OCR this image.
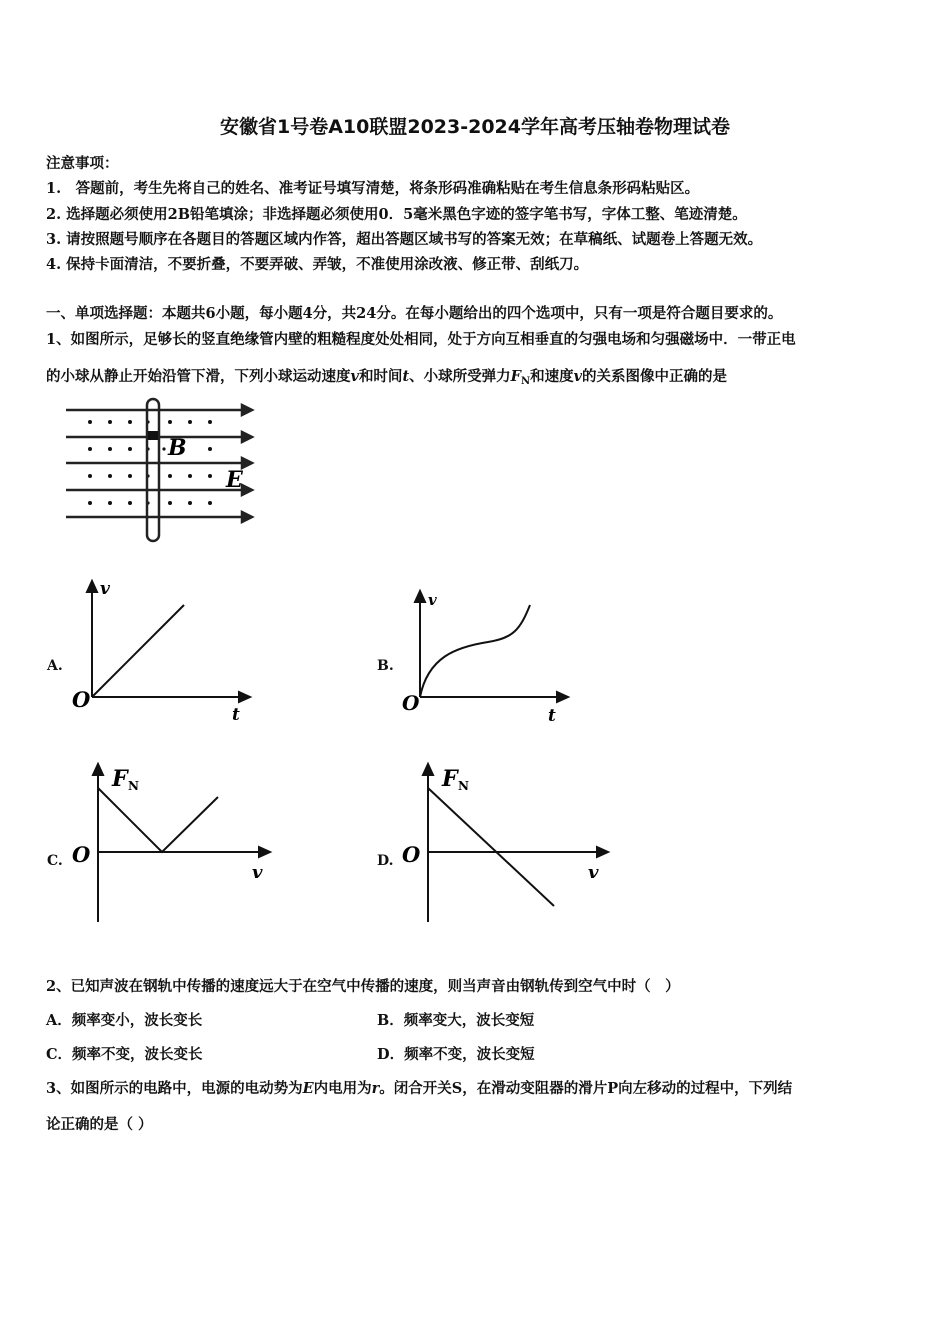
安徽省1号卷A10联盟2023-2024学年高考压轴卷物理试卷
注意事项：
1.　答题前，考生先将自己的姓名、准考证号填写清楚，将条形码准确粘贴在考生信息条形码粘贴区。
2. 选择题必须使用2B铅笔填涂；非选择题必须使用0．5毫米黑色字迹的签字笔书写，字体工整、笔迹清楚。
3. 请按照题号顺序在各题目的答题区域内作答，超出答题区域书写的答案无效；在草稿纸、试题卷上答题无效。
4. 保持卡面清洁，不要折叠，不要弄破、弄皱，不准使用涂改液、修正带、刮纸刀。
一、单项选择题：本题共6小题，每小题4分，共24分。在每小题给出的四个选项中，只有一项是符合题目要求的。
1、如图所示，足够长的竖直绝缘管内壁的粗糙程度处处相同，处于方向互相垂直的匀强电场和匀强磁场中．一带正电
的小球从静止开始沿管下滑，下列小球运动速度v和时间t、小球所受弹力$F_N$和速度v的关系图像中正确的是
B
E
A.
v
t
O
B.
v
t
O
C.
F N
v
O	D.
F N
v
O
2、已知声波在钢轨中传播的速度远大于在空气中传播的速度，则当声音由钢轨传到空气中时（　）
A．频率变小，波长变长	B．频率变大，波长变短
C．频率不变，波长变长	D．频率不变，波长变短
3、如图所示的电路中，电源的电动势为E内电用为r。闭合开关S，在滑动变阻器的滑片P向左移动的过程中，下列结
论正确的是（ ）
